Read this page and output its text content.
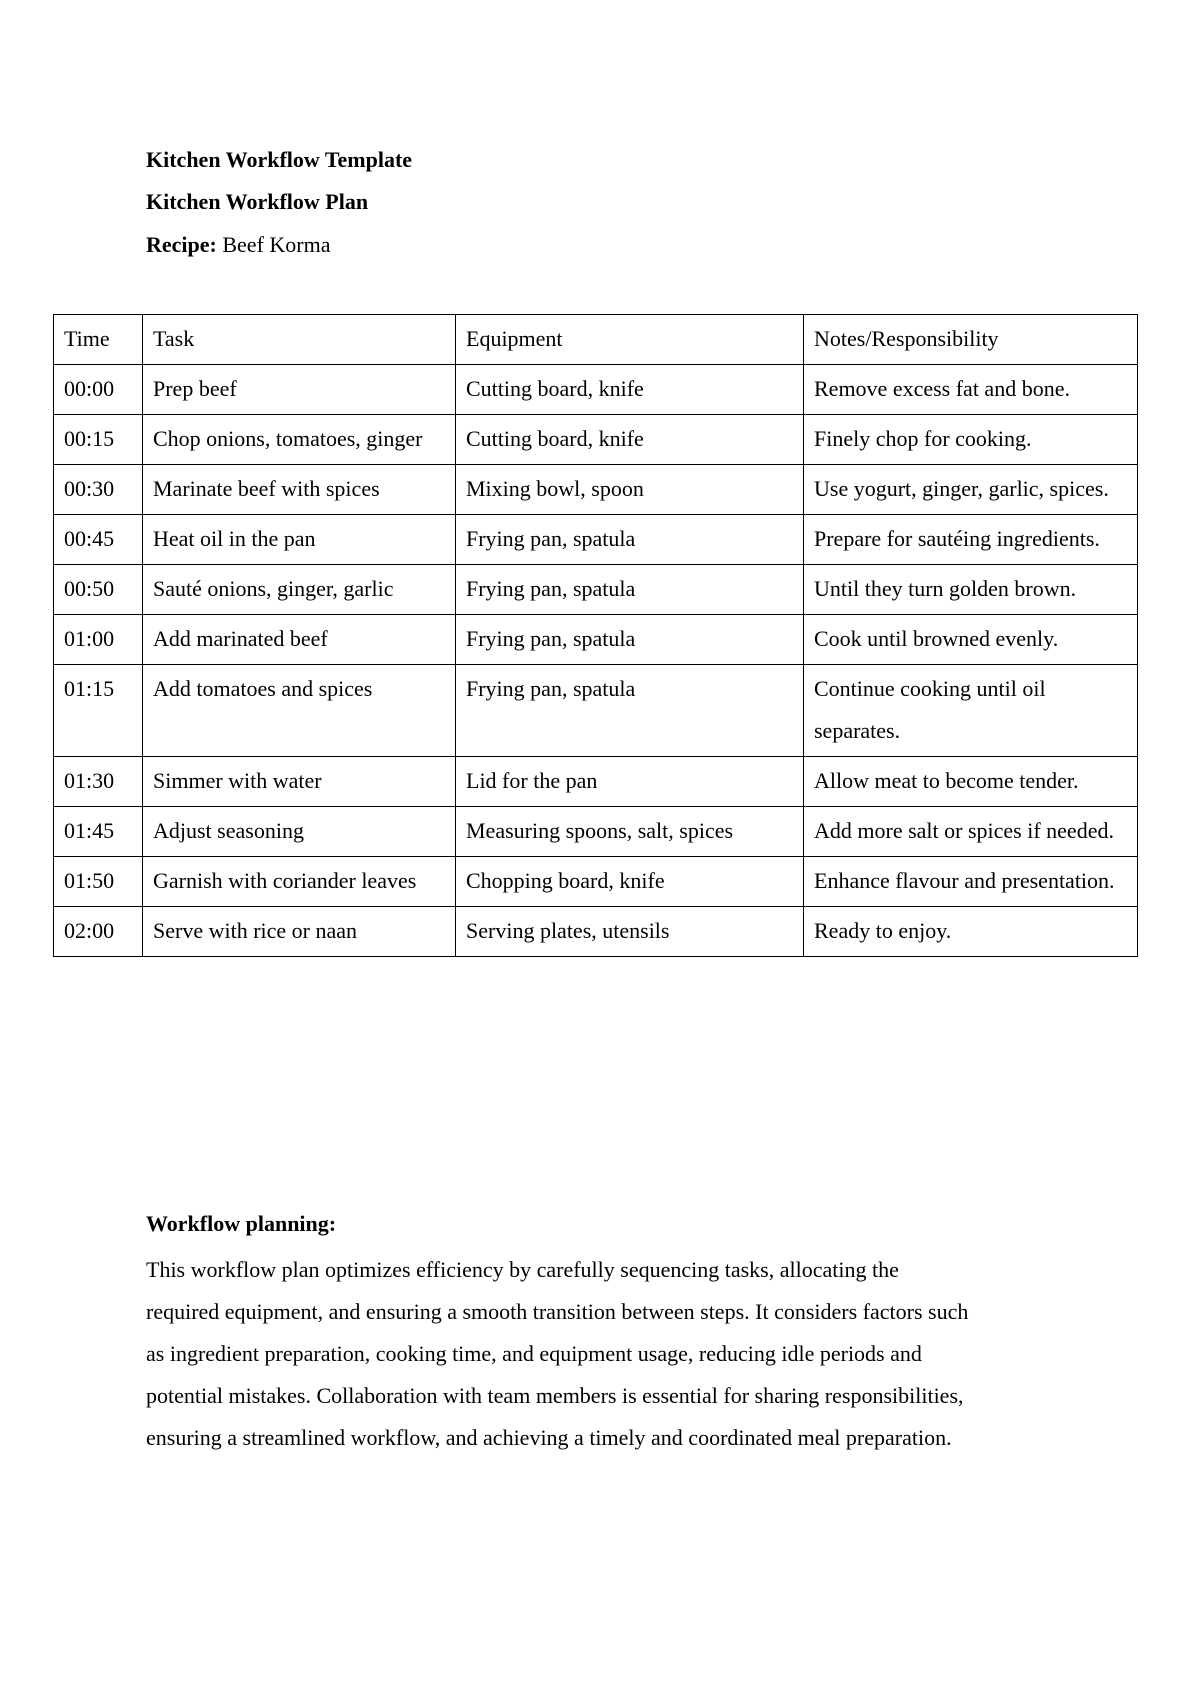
Kitchen Workflow Template
Kitchen Workflow Plan
Recipe: Beef Korma
Time	Task	Equipment	Notes/Responsibility
00:00	Prep beef	Cutting board, knife	Remove excess fat and bone.
00:15	Chop onions, tomatoes, ginger	Cutting board, knife	Finely chop for cooking.
00:30	Marinate beef with spices	Mixing bowl, spoon	Use yogurt, ginger, garlic, spices.
00:45	Heat oil in the pan	Frying pan, spatula	Prepare for sautéing ingredients.
00:50	Sauté onions, ginger, garlic	Frying pan, spatula	Until they turn golden brown.
01:00	Add marinated beef	Frying pan, spatula	Cook until browned evenly.
01:15	Add tomatoes and spices	Frying pan, spatula	Continue cooking until oil separates.
01:30	Simmer with water	Lid for the pan	Allow meat to become tender.
01:45	Adjust seasoning	Measuring spoons, salt, spices	Add more salt or spices if needed.
01:50	Garnish with coriander leaves	Chopping board, knife	Enhance flavour and presentation.
02:00	Serve with rice or naan	Serving plates, utensils	Ready to enjoy.
Workflow planning:
This workflow plan optimizes efficiency by carefully sequencing tasks, allocating the
required equipment, and ensuring a smooth transition between steps. It considers factors such
as ingredient preparation, cooking time, and equipment usage, reducing idle periods and
potential mistakes. Collaboration with team members is essential for sharing responsibilities,
ensuring a streamlined workflow, and achieving a timely and coordinated meal preparation.
